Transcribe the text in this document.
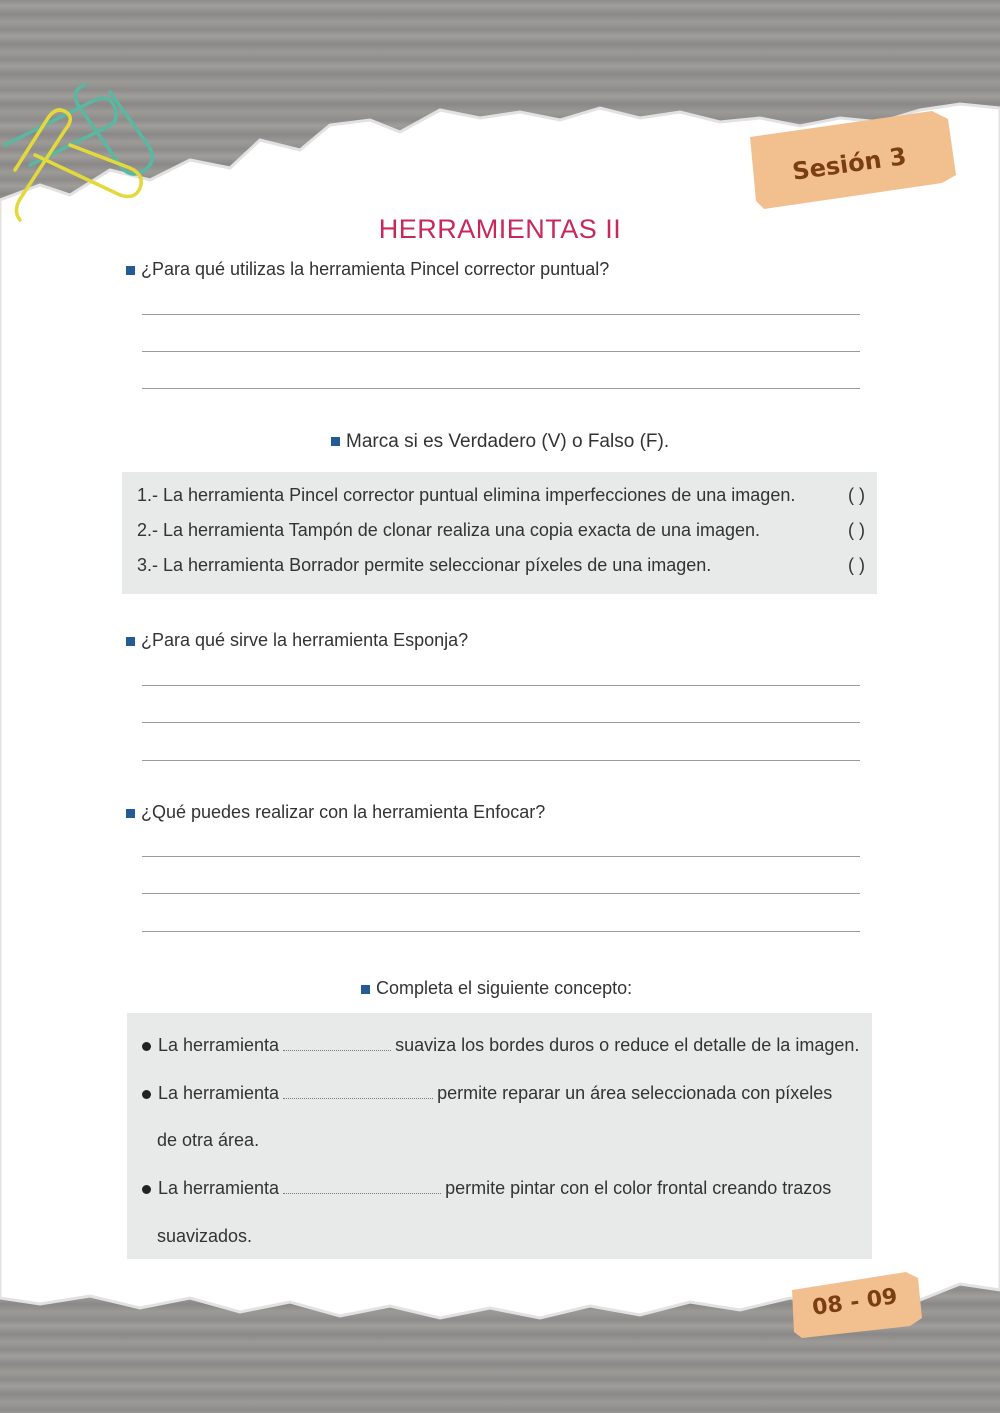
Sesión 3
HERRAMIENTAS II
¿Para qué utilizas la herramienta Pincel corrector puntual?
Marca si es Verdadero (V) o Falso (F).
1.- La herramienta Pincel corrector puntual elimina imperfecciones de una imagen.	( )
2.- La herramienta Tampón de clonar realiza una copia exacta de una imagen.	( )
3.- La herramienta Borrador permite seleccionar píxeles de una imagen.	( )
¿Para qué sirve la herramienta Esponja?
¿Qué puedes realizar con la herramienta Enfocar?
Completa el siguiente concepto:
La herramienta	suaviza los bordes duros o reduce el detalle de la imagen.
La herramienta	permite reparar un área seleccionada con píxeles
de otra área.
La herramienta	permite pintar con el color frontal creando trazos
suavizados.
08 - 09
